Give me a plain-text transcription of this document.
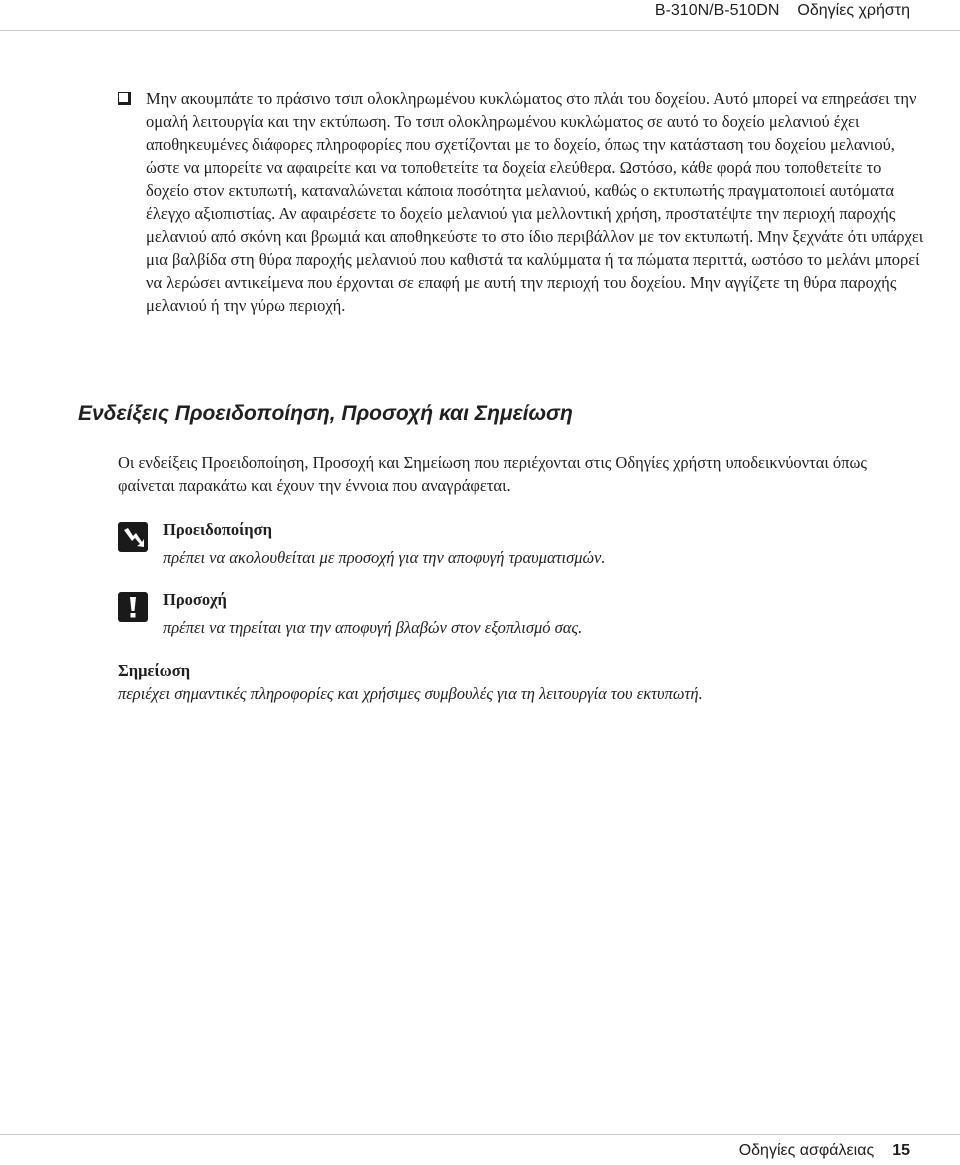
B-310N/B-510DN Οδηγίες χρήστη
Μην ακουμπάτε το πράσινο τσιπ ολοκληρωμένου κυκλώματος στο πλάι του δοχείου. Αυτό μπορεί να επηρεάσει την ομαλή λειτουργία και την εκτύπωση. Το τσιπ ολοκληρωμένου κυκλώματος σε αυτό το δοχείο μελανιού έχει αποθηκευμένες διάφορες πληροφορίες που σχετίζονται με το δοχείο, όπως την κατάσταση του δοχείου μελανιού, ώστε να μπορείτε να αφαιρείτε και να τοποθετείτε τα δοχεία ελεύθερα. Ωστόσο, κάθε φορά που τοποθετείτε το δοχείο στον εκτυπωτή, καταναλώνεται κάποια ποσότητα μελανιού, καθώς ο εκτυπωτής πραγματοποιεί αυτόματα έλεγχο αξιοπιστίας. Αν αφαιρέσετε το δοχείο μελανιού για μελλοντική χρήση, προστατέψτε την περιοχή παροχής μελανιού από σκόνη και βρωμιά και αποθηκεύστε το στο ίδιο περιβάλλον με τον εκτυπωτή. Μην ξεχνάτε ότι υπάρχει μια βαλβίδα στη θύρα παροχής μελανιού που καθιστά τα καλύμματα ή τα πώματα περιττά, ωστόσο το μελάνι μπορεί να λερώσει αντικείμενα που έρχονται σε επαφή με αυτή την περιοχή του δοχείου. Μην αγγίζετε τη θύρα παροχής μελανιού ή την γύρω περιοχή.
Ενδείξεις Προειδοποίηση, Προσοχή και Σημείωση

Οι ενδείξεις Προειδοποίηση, Προσοχή και Σημείωση που περιέχονται στις Οδηγίες χρήστη υποδεικνύονται όπως φαίνεται παρακάτω και έχουν την έννοια που αναγράφεται.

Προειδοποίηση
πρέπει να ακολουθείται με προσοχή για την αποφυγή τραυματισμών.
Προσοχή
πρέπει να τηρείται για την αποφυγή βλαβών στον εξοπλισμό σας.
Σημείωση
περιέχει σημαντικές πληροφορίες και χρήσιμες συμβουλές για τη λειτουργία του εκτυπωτή.
Οδηγίες ασφάλειας 15
